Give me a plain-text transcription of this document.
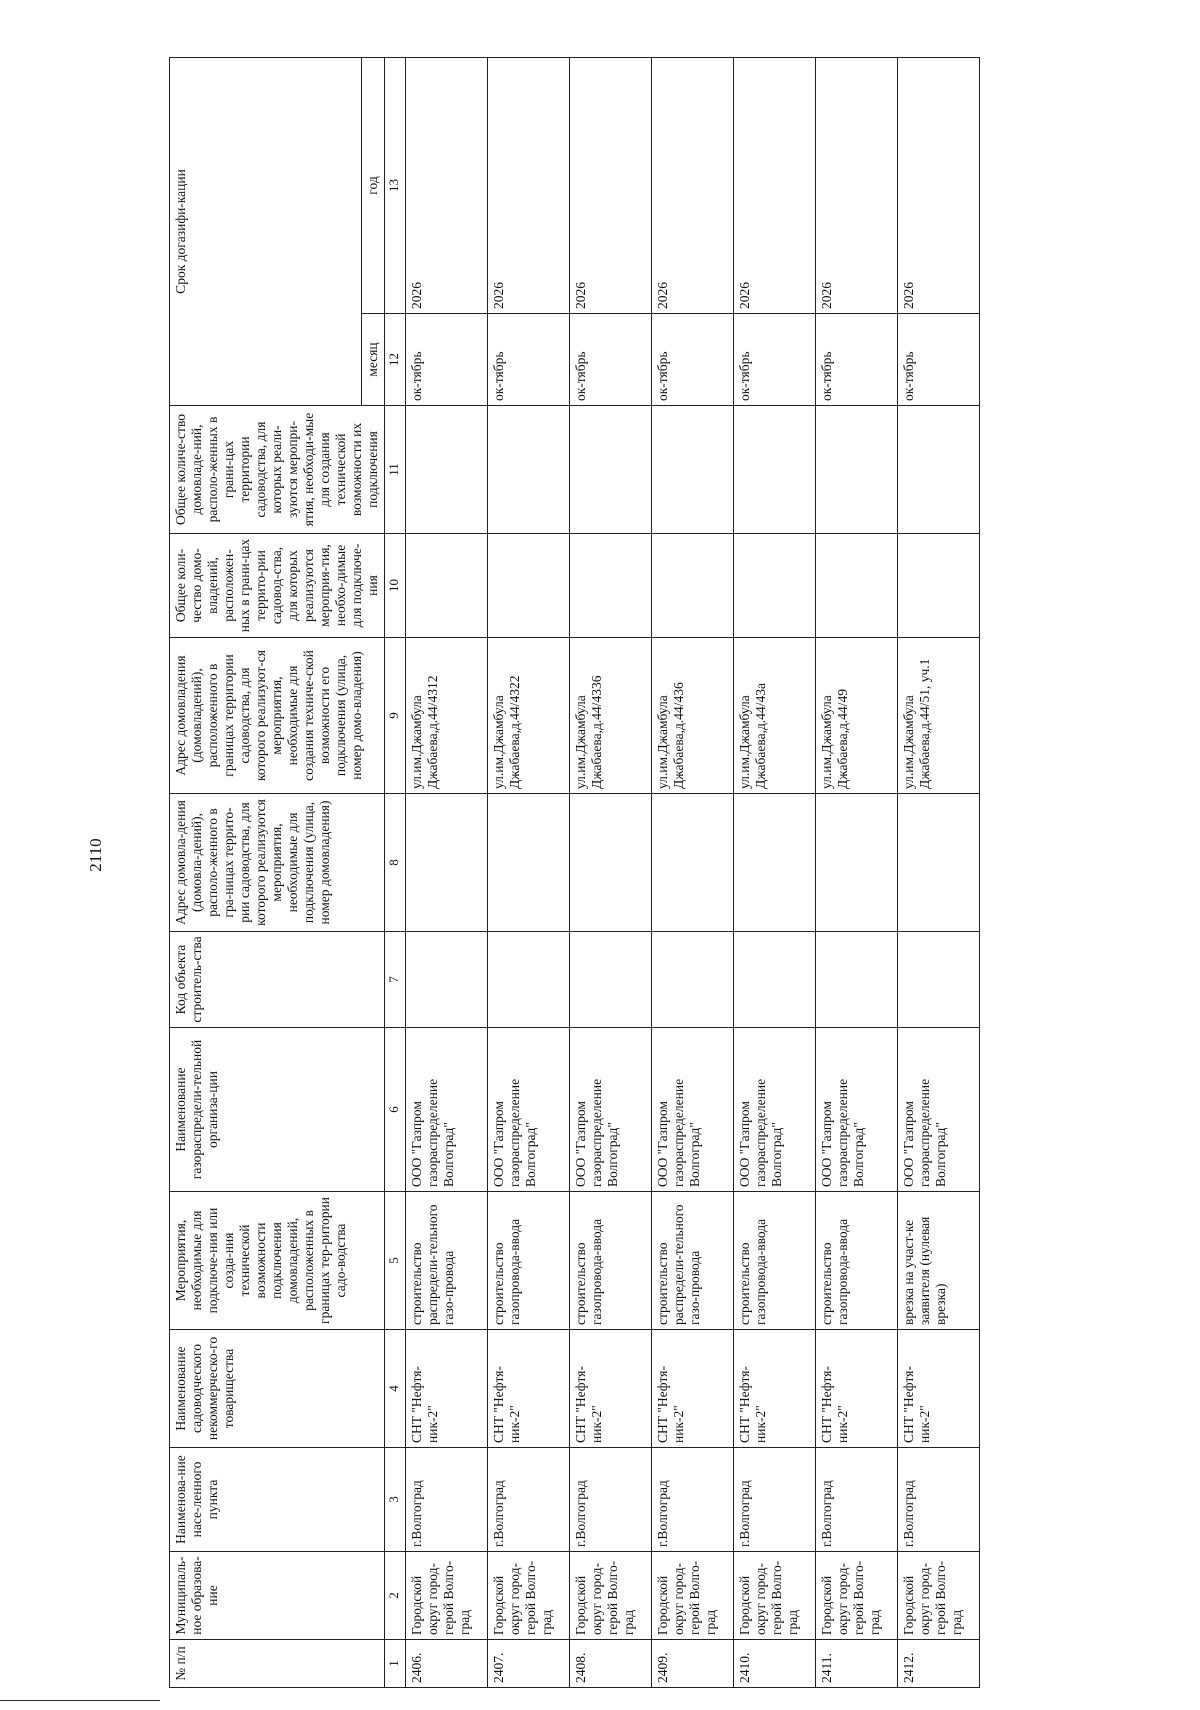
2110
№ п/п	Муниципаль-ное образова-ние	Наименова-ние насе-ленного пункта	Наименование садоводческого некоммерческо-го товарищества	Мероприятия, необходимые для подключе-ния или созда-ния технической возможности подключения домовладений, расположенных в границах тер-ритории садо-водства	Наименование газораспредели-тельной организа-ции	Код объекта строитель-ства	Адрес домовла-дения (домовла-дений), располо-женного в гра-ницах террито-рии садоводства, для которого реализуются мероприятия, необходимые для подключения (улица, номер домовладения)	Адрес домовладения (домовладений), расположенного в границах территории садоводства, для которого реализуют-ся мероприятия, необходимые для создания техниче-ской возможности его подключения (улица, номер домо-владения)	Общее коли-чество домо-владений, расположен-ных в грани-цах террито-рии садовод-ства, для которых реализуются мероприя-тия, необхо-димые для подключе-ния	Общее количе-ство домовладе-ний, располо-женных в грани-цах территории садоводства, для которых реали-зуются меропри-ятия, необходи-мые для создания технической возможности их подключения	Срок догазифи-кации	
											месяц	год
1	2	3	4	5	6	7	8	9	10	11	12	13
2406.	Городской округ город-герой Волго-град	г.Волгоград	СНТ "Нефтя-ник-2"	строительство распредели-тельного газо-провода	ООО "Газпром газораспределение Волгоград"			ул.им.Джамбула Джабаева,д.44/4312			ок-тябрь	2026
2407.	Городской округ город-герой Волго-град	г.Волгоград	СНТ "Нефтя-ник-2"	строительство газопровода-ввода	ООО "Газпром газораспределение Волгоград"			ул.им.Джамбула Джабаева,д.44/4322			ок-тябрь	2026
2408.	Городской округ город-герой Волго-град	г.Волгоград	СНТ "Нефтя-ник-2"	строительство газопровода-ввода	ООО "Газпром газораспределение Волгоград"			ул.им.Джамбула Джабаева,д.44/4336			ок-тябрь	2026
2409.	Городской округ город-герой Волго-град	г.Волгоград	СНТ "Нефтя-ник-2"	строительство распредели-тельного газо-провода	ООО "Газпром газораспределение Волгоград"			ул.им.Джамбула Джабаева,д.44/436			ок-тябрь	2026
2410.	Городской округ город-герой Волго-град	г.Волгоград	СНТ "Нефтя-ник-2"	строительство газопровода-ввода	ООО "Газпром газораспределение Волгоград"			ул.им.Джамбула Джабаева,д.44/43а			ок-тябрь	2026
2411.	Городской округ город-герой Волго-град	г.Волгоград	СНТ "Нефтя-ник-2"	строительство газопровода-ввода	ООО "Газпром газораспределение Волгоград"			ул.им.Джамбула Джабаева,д.44/49			ок-тябрь	2026
2412.	Городской округ город-герой Волго-град	г.Волгоград	СНТ "Нефтя-ник-2"	врезка на участ-ке заявителя (нулевая врезка)	ООО "Газпром газораспределение Волгоград"			ул.им.Джамбула Джабаева,д.44/51, уч.1			ок-тябрь	2026
